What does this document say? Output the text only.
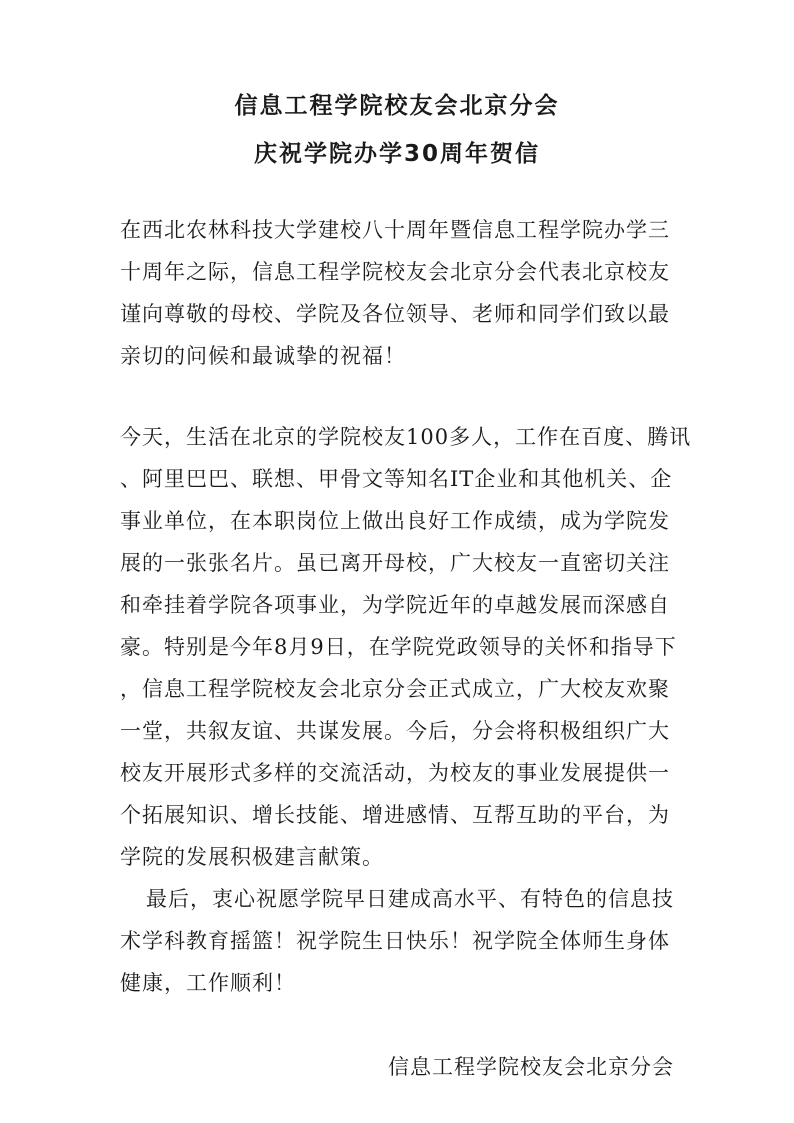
信息工程学院校友会北京分会
庆祝学院办学30周年贺信
在西北农林科技大学建校八十周年暨信息工程学院办学三
十周年之际，信息工程学院校友会北京分会代表北京校友
谨向尊敬的母校、学院及各位领导、老师和同学们致以最
亲切的问候和最诚挚的祝福！
今天，生活在北京的学院校友100多人，工作在百度、腾讯
、阿里巴巴、联想、甲骨文等知名IT企业和其他机关、企
事业单位，在本职岗位上做出良好工作成绩，成为学院发
展的一张张名片。虽已离开母校，广大校友一直密切关注
和牵挂着学院各项事业，为学院近年的卓越发展而深感自
豪。特别是今年8月9日，在学院党政领导的关怀和指导下
，信息工程学院校友会北京分会正式成立，广大校友欢聚
一堂，共叙友谊、共谋发展。今后，分会将积极组织广大
校友开展形式多样的交流活动，为校友的事业发展提供一
个拓展知识、增长技能、增进感情、互帮互助的平台，为
学院的发展积极建言献策。
最后，衷心祝愿学院早日建成高水平、有特色的信息技
术学科教育摇篮！祝学院生日快乐！祝学院全体师生身体
健康，工作顺利！
信息工程学院校友会北京分会
